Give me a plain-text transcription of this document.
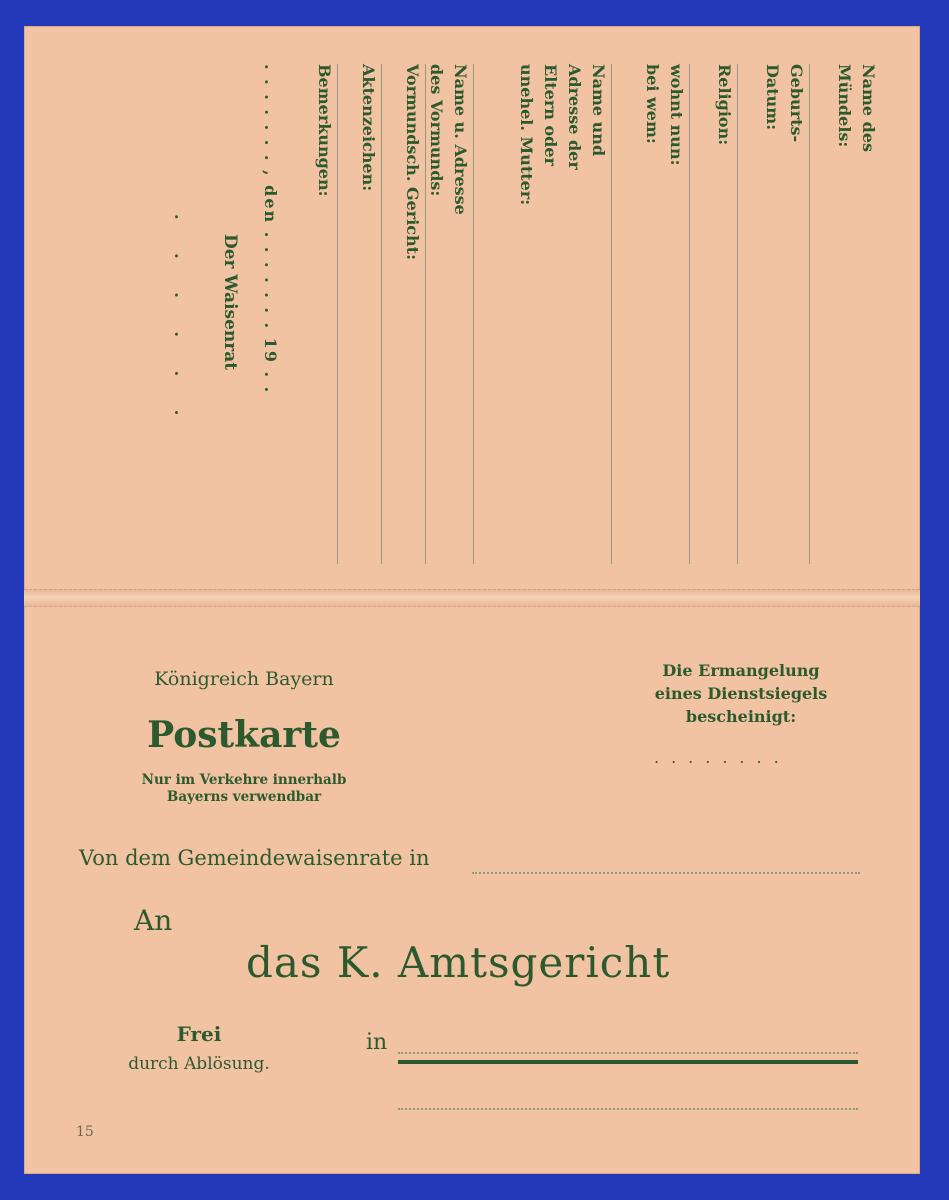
Name des
Mündels:
Geburts-
Datum:
Religion:
wohnt nun:
bei wem:
Name und
Adresse der
Eltern oder
unehel. Mutter:
Name u. Adresse
des Vormunds:
Vormundsch. Gericht:
Aktenzeichen:
Bemerkungen:
. . . . . . . , den . . . . . . . 19 . .
Der Waisenrat
. . . . . .
Königreich Bayern
Postkarte
Nur im Verkehre innerhalb
Bayerns verwendbar
Die Ermangelung
eines Dienstsiegels
bescheinigt:
........
Von dem Gemeindewaisenrate in
An
das K. Amtsgericht
Frei
durch Ablösung.
in
15
